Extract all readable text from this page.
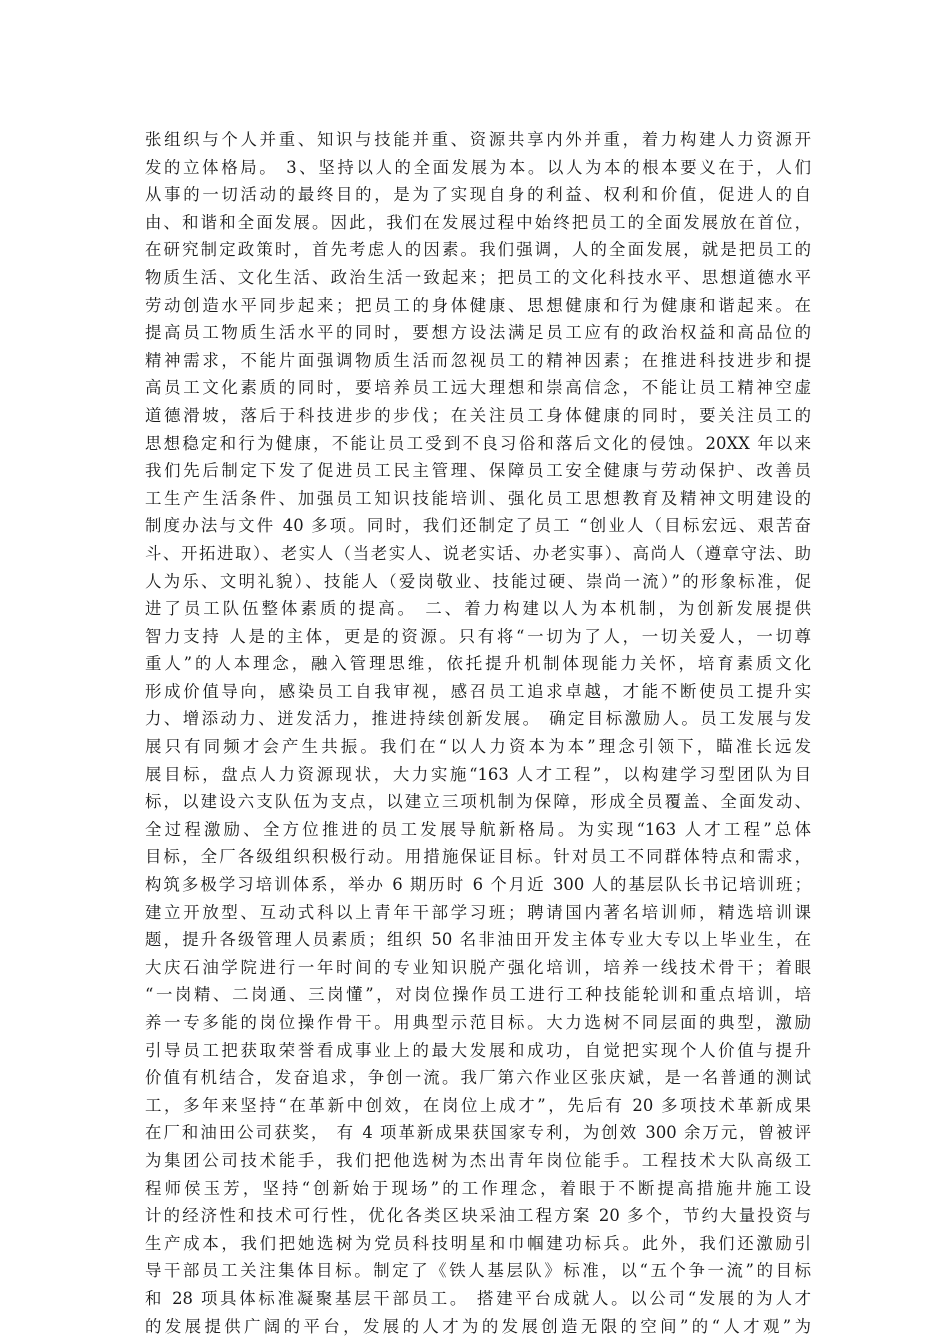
张组织与个人并重、知识与技能并重、资源共享内外并重，着力构建人力资源开
发的立体格局。 3、坚持以人的全面发展为本。以人为本的根本要义在于，人们
从事的一切活动的最终目的，是为了实现自身的利益、权利和价值，促进人的自
由、和谐和全面发展。因此，我们在发展过程中始终把员工的全面发展放在首位，
在研究制定政策时，首先考虑人的因素。我们强调，人的全面发展，就是把员工的
物质生活、文化生活、政治生活一致起来；把员工的文化科技水平、思想道德水平
劳动创造水平同步起来；把员工的身体健康、思想健康和行为健康和谐起来。在
提高员工物质生活水平的同时，要想方设法满足员工应有的政治权益和高品位的
精神需求，不能片面强调物质生活而忽视员工的精神因素；在推进科技进步和提
高员工文化素质的同时，要培养员工远大理想和崇高信念，不能让员工精神空虚
道德滑坡，落后于科技进步的步伐；在关注员工身体健康的同时，要关注员工的
思想稳定和行为健康，不能让员工受到不良习俗和落后文化的侵蚀。20XX 年以来
我们先后制定下发了促进员工民主管理、保障员工安全健康与劳动保护、改善员
工生产生活条件、加强员工知识技能培训、强化员工思想教育及精神文明建设的
制度办法与文件 40 多项。同时，我们还制定了员工 “创业人（目标宏远、艰苦奋
斗、开拓进取）、老实人（当老实人、说老实话、办老实事）、高尚人（遵章守法、助
人为乐、文明礼貌）、技能人（爱岗敬业、技能过硬、崇尚一流）”的形象标准，促
进了员工队伍整体素质的提高。 二、着力构建以人为本机制，为创新发展提供
智力支持 人是的主体，更是的资源。只有将“一切为了人，一切关爱人，一切尊
重人”的人本理念，融入管理思维，依托提升机制体现能力关怀，培育素质文化
形成价值导向，感染员工自我审视，感召员工追求卓越，才能不断使员工提升实
力、增添动力、迸发活力，推进持续创新发展。 确定目标激励人。员工发展与发
展只有同频才会产生共振。我们在“以人力资本为本”理念引领下，瞄准长远发
展目标，盘点人力资源现状，大力实施“163 人才工程”，以构建学习型团队为目
标，以建设六支队伍为支点，以建立三项机制为保障，形成全员覆盖、全面发动、
全过程激励、全方位推进的员工发展导航新格局。为实现“163 人才工程”总体
目标，全厂各级组织积极行动。用措施保证目标。针对员工不同群体特点和需求，
构筑多极学习培训体系，举办 6 期历时 6 个月近 300 人的基层队长书记培训班；
建立开放型、互动式科以上青年干部学习班；聘请国内著名培训师，精选培训课
题，提升各级管理人员素质；组织 50 名非油田开发主体专业大专以上毕业生，在
大庆石油学院进行一年时间的专业知识脱产强化培训，培养一线技术骨干；着眼
“一岗精、二岗通、三岗懂”，对岗位操作员工进行工种技能轮训和重点培训，培
养一专多能的岗位操作骨干。用典型示范目标。大力选树不同层面的典型，激励
引导员工把获取荣誉看成事业上的最大发展和成功，自觉把实现个人价值与提升
价值有机结合，发奋追求，争创一流。我厂第六作业区张庆斌，是一名普通的测试
工，多年来坚持“在革新中创效，在岗位上成才”，先后有 20 多项技术革新成果
在厂和油田公司获奖， 有 4 项革新成果获国家专利，为创效 300 余万元，曾被评
为集团公司技术能手，我们把他选树为杰出青年岗位能手。工程技术大队高级工
程师侯玉芳，坚持“创新始于现场”的工作理念，着眼于不断提高措施井施工设
计的经济性和技术可行性，优化各类区块采油工程方案 20 多个，节约大量投资与
生产成本，我们把她选树为党员科技明星和巾帼建功标兵。此外，我们还激励引
导干部员工关注集体目标。制定了《铁人基层队》标准，以“五个争一流”的目标
和 28 项具体标准凝聚基层干部员工。 搭建平台成就人。以公司“发展的为人才
的发展提供广阔的平台，发展的人才为的发展创造无限的空间”的“人才观”为
